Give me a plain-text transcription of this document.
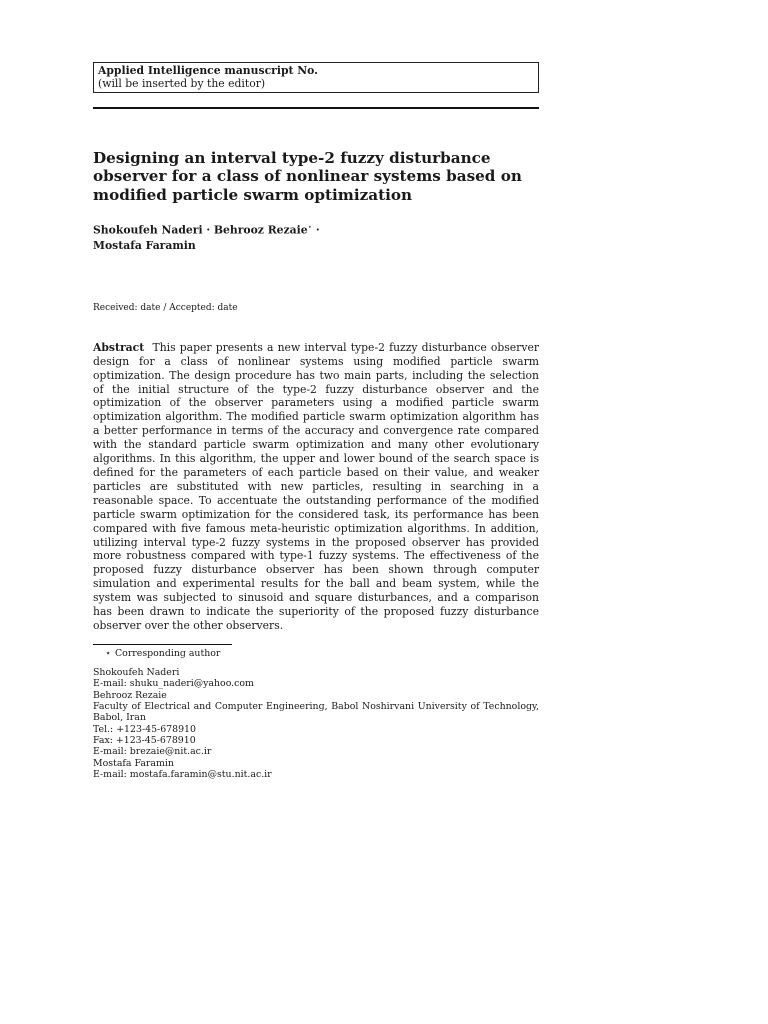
Applied Intelligence manuscript No.
(will be inserted by the editor)
Designing an interval type-2 fuzzy disturbance observer for a class of nonlinear systems based on modified particle swarm optimization
Shokoufeh Naderi · Behrooz Rezaie⋆ ·
Mostafa Faramin
Received: date / Accepted: date
Abstract This paper presents a new interval type-2 fuzzy disturbance observer design for a class of nonlinear systems using modified particle swarm optimization. The design procedure has two main parts, including the selection of the initial structure of the type-2 fuzzy disturbance observer and the optimization of the observer parameters using a modified particle swarm optimization algorithm. The modified particle swarm optimization algorithm has a better performance in terms of the accuracy and convergence rate compared with the standard particle swarm optimization and many other evolutionary algorithms. In this algorithm, the upper and lower bound of the search space is defined for the parameters of each particle based on their value, and weaker particles are substituted with new particles, resulting in searching in a reasonable space. To accentuate the outstanding performance of the modified particle swarm optimization for the considered task, its performance has been compared with five famous meta-heuristic optimization algorithms. In addition, utilizing interval type-2 fuzzy systems in the proposed observer has provided more robustness compared with type-1 fuzzy systems. The effectiveness of the proposed fuzzy disturbance observer has been shown through computer simulation and experimental results for the ball and beam system, while the system was subjected to sinusoid and square disturbances, and a comparison has been drawn to indicate the superiority of the proposed fuzzy disturbance observer over the other observers.
⋆ Corresponding author
Shokoufeh Naderi
E-mail: shuku_naderi@yahoo.com
Behrooz Rezaie
Faculty of Electrical and Computer Engineering, Babol Noshirvani University of Technology, Babol, Iran
Tel.: +123-45-678910
Fax: +123-45-678910
E-mail: brezaie@nit.ac.ir
Mostafa Faramin
E-mail: mostafa.faramin@stu.nit.ac.ir
